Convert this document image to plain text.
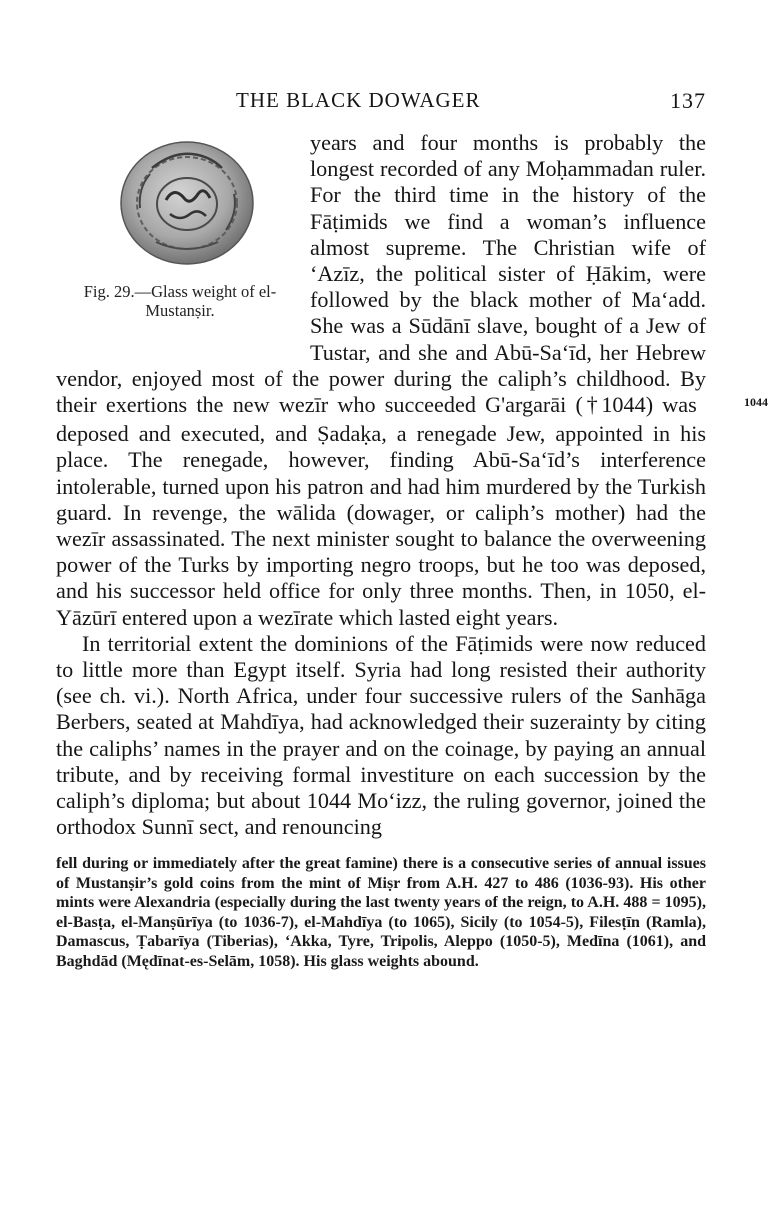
THE BLACK DOWAGER	137

Fig. 29.—Glass weight of el-Mustanṣir.
years and four months is probably the longest recorded of any Moḥammadan ruler. For the third time in the history of the Fāṭimids we find a woman’s influence almost supreme. The Christian wife of ‘Azīz, the political sister of Ḥākim, were followed by the black mother of Ma‘add. She was a Sūdānī slave, bought of a Jew of Tustar, and she and Abū-Sa‘īd, her Hebrew vendor, enjoyed most of the power during the caliph’s childhood. By their exertions the new wezīr who succeeded G'argarāi (†1044) was	1044 deposed and executed, and Ṣadaḳa, a renegade Jew, appointed in his place. The renegade, however, finding Abū-Sa‘īd’s interference intolerable, turned upon his patron and had him murdered by the Turkish guard. In revenge, the wālida (dowager, or caliph’s mother) had the wezīr assassinated. The next minister sought to balance the overweening power of the Turks by importing negro troops, but he too was deposed, and his successor held office for only three months. Then, in 1050, el-Yāzūrī entered upon a wezīrate which lasted eight years.

In territorial extent the dominions of the Fāṭimids were now reduced to little more than Egypt itself. Syria had long resisted their authority (see ch. vi.). North Africa, under four successive rulers of the Sanhāga Berbers, seated at Mahdīya, had acknowledged their suzerainty by citing the caliphs’ names in the prayer and on the coinage, by paying an annual tribute, and by receiving formal investiture on each succession by the caliph’s diploma; but about 1044 Mo‘izz, the ruling governor, joined the orthodox Sunnī sect, and renouncing

fell during or immediately after the great famine) there is a consecutive series of annual issues of Mustanṣir’s gold coins from the mint of Miṣr from A.H. 427 to 486 (1036-93). His other mints were Alexandria (especially during the last twenty years of the reign, to A.H. 488 = 1095), el-Basṭa, el-Manṣūrīya (to 1036-7), el-Mahdīya (to 1065), Sicily (to 1054-5), Filesṭīn (Ramla), Damascus, Ṭabarīya (Tiberias), ‘Akka, Tyre, Tripolis, Aleppo (1050-5), Medīna (1061), and Baghdād (Mędīnat-es-Selām, 1058). His glass weights abound.
